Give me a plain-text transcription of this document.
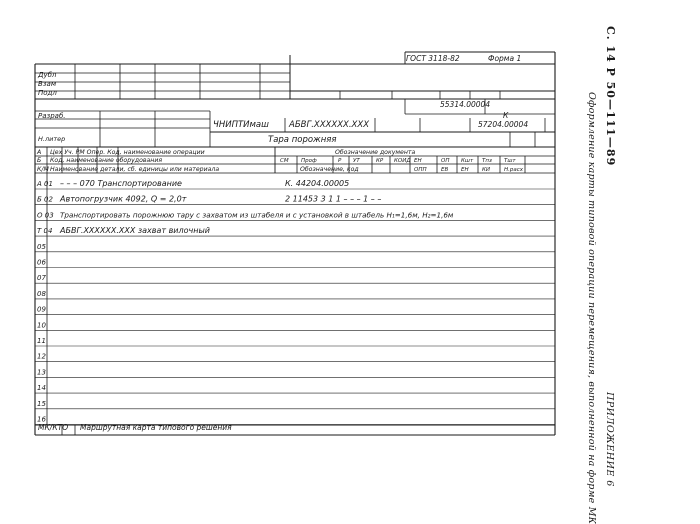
А Цех Уч. РМ Опер. Код, наименование операции	Обозначение документа
Б Код, наименование оборудования	СМ Проф	Р УТ	КР КОИД ЕН	ОП Кшт Тпз Тшт
К/М Наименование детали, сб. единицы или материала	Обозначение, код	ОПП	ЕВ ЕН КИ	Н.расх
А 01 – – – 070 Транспортирование	К. 44204.00005
Б 02 Автопогрузчик 4092, Q = 2,0т	2 11453 3 1 1 – – – 1 – –
О 03 Транспортировать порожнюю тару с захватом из штабеля и с установкой в штабель Н₁=1,6м, Н₂=1,6м
Т 04 АБВГ.ХХХХХХ.ХХХ захват вилочный
05
06
07
08
09
10
11
12
13
14
15
16
ГОСТ 3118-82	Форма 1
Дубл
Взам
Подл
55314.00004
Разраб.	К
ЧНИПТИмаш АБВГ.ХХХХХХ.ХХХ	57204.00004
Н.литер	Тара порожняя
МК/КТО Маршрутная карта типового решения
С. 14 Р 50—111—89
Оформление карты типовой операции перемещения, выполненной на форме МК ПРИЛОЖЕНИЕ 6
